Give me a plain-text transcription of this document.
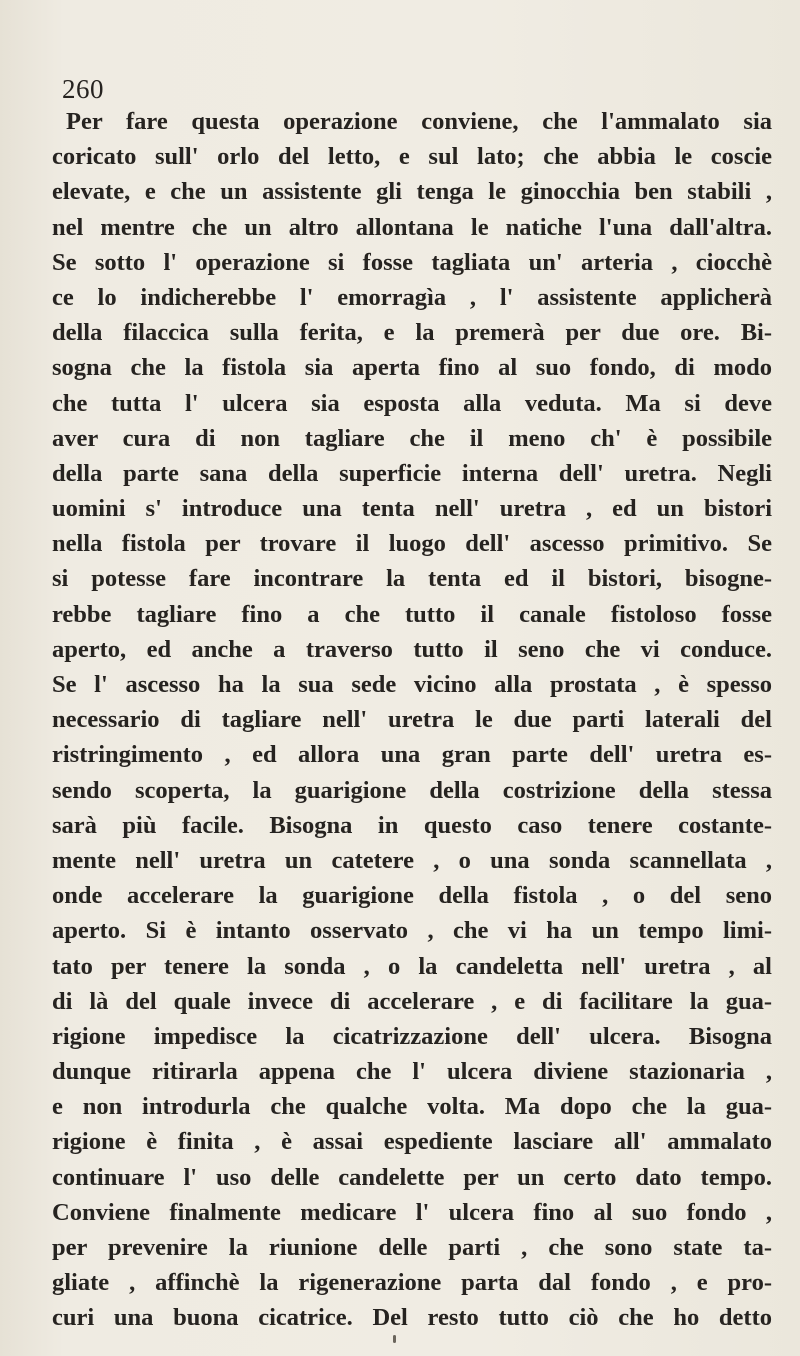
260
Per fare questa operazione conviene, che l'ammalato sia
coricato sull' orlo del letto, e sul lato; che abbia le coscie
elevate, e che un assistente gli tenga le ginocchia ben stabili ,
nel mentre che un altro allontana le natiche l'una dall'altra.
Se sotto l' operazione si fosse tagliata un' arteria , ciocchè
ce lo indicherebbe l' emorragìa , l' assistente applicherà
della filaccica sulla ferita, e la premerà per due ore. Bi-
sogna che la fistola sia aperta fino al suo fondo, di modo
che tutta l' ulcera sia esposta alla veduta. Ma si deve
aver cura di non tagliare che il meno ch' è possibile
della parte sana della superficie interna dell' uretra. Negli
uomini s' introduce una tenta nell' uretra , ed un bistori
nella fistola per trovare il luogo dell' ascesso primitivo. Se
si potesse fare incontrare la tenta ed il bistori, bisogne-
rebbe tagliare fino a che tutto il canale fistoloso fosse
aperto, ed anche a traverso tutto il seno che vi conduce.
Se l' ascesso ha la sua sede vicino alla prostata , è spesso
necessario di tagliare nell' uretra le due parti laterali del
ristringimento , ed allora una gran parte dell' uretra es-
sendo scoperta, la guarigione della costrizione della stessa
sarà più facile. Bisogna in questo caso tenere costante-
mente nell' uretra un catetere , o una sonda scannellata ,
onde accelerare la guarigione della fistola , o del seno
aperto. Si è intanto osservato , che vi ha un tempo limi-
tato per tenere la sonda , o la candeletta nell' uretra , al
di là del quale invece di accelerare , e di facilitare la gua-
rigione impedisce la cicatrizzazione dell' ulcera. Bisogna
dunque ritirarla appena che l' ulcera diviene stazionaria ,
e non introdurla che qualche volta. Ma dopo che la gua-
rigione è finita , è assai espediente lasciare all' ammalato
continuare l' uso delle candelette per un certo dato tempo.
Conviene finalmente medicare l' ulcera fino al suo fondo ,
per prevenire la riunione delle parti , che sono state ta-
gliate , affinchè la rigenerazione parta dal fondo , e pro-
curi una buona cicatrice. Del resto tutto ciò che ho detto
